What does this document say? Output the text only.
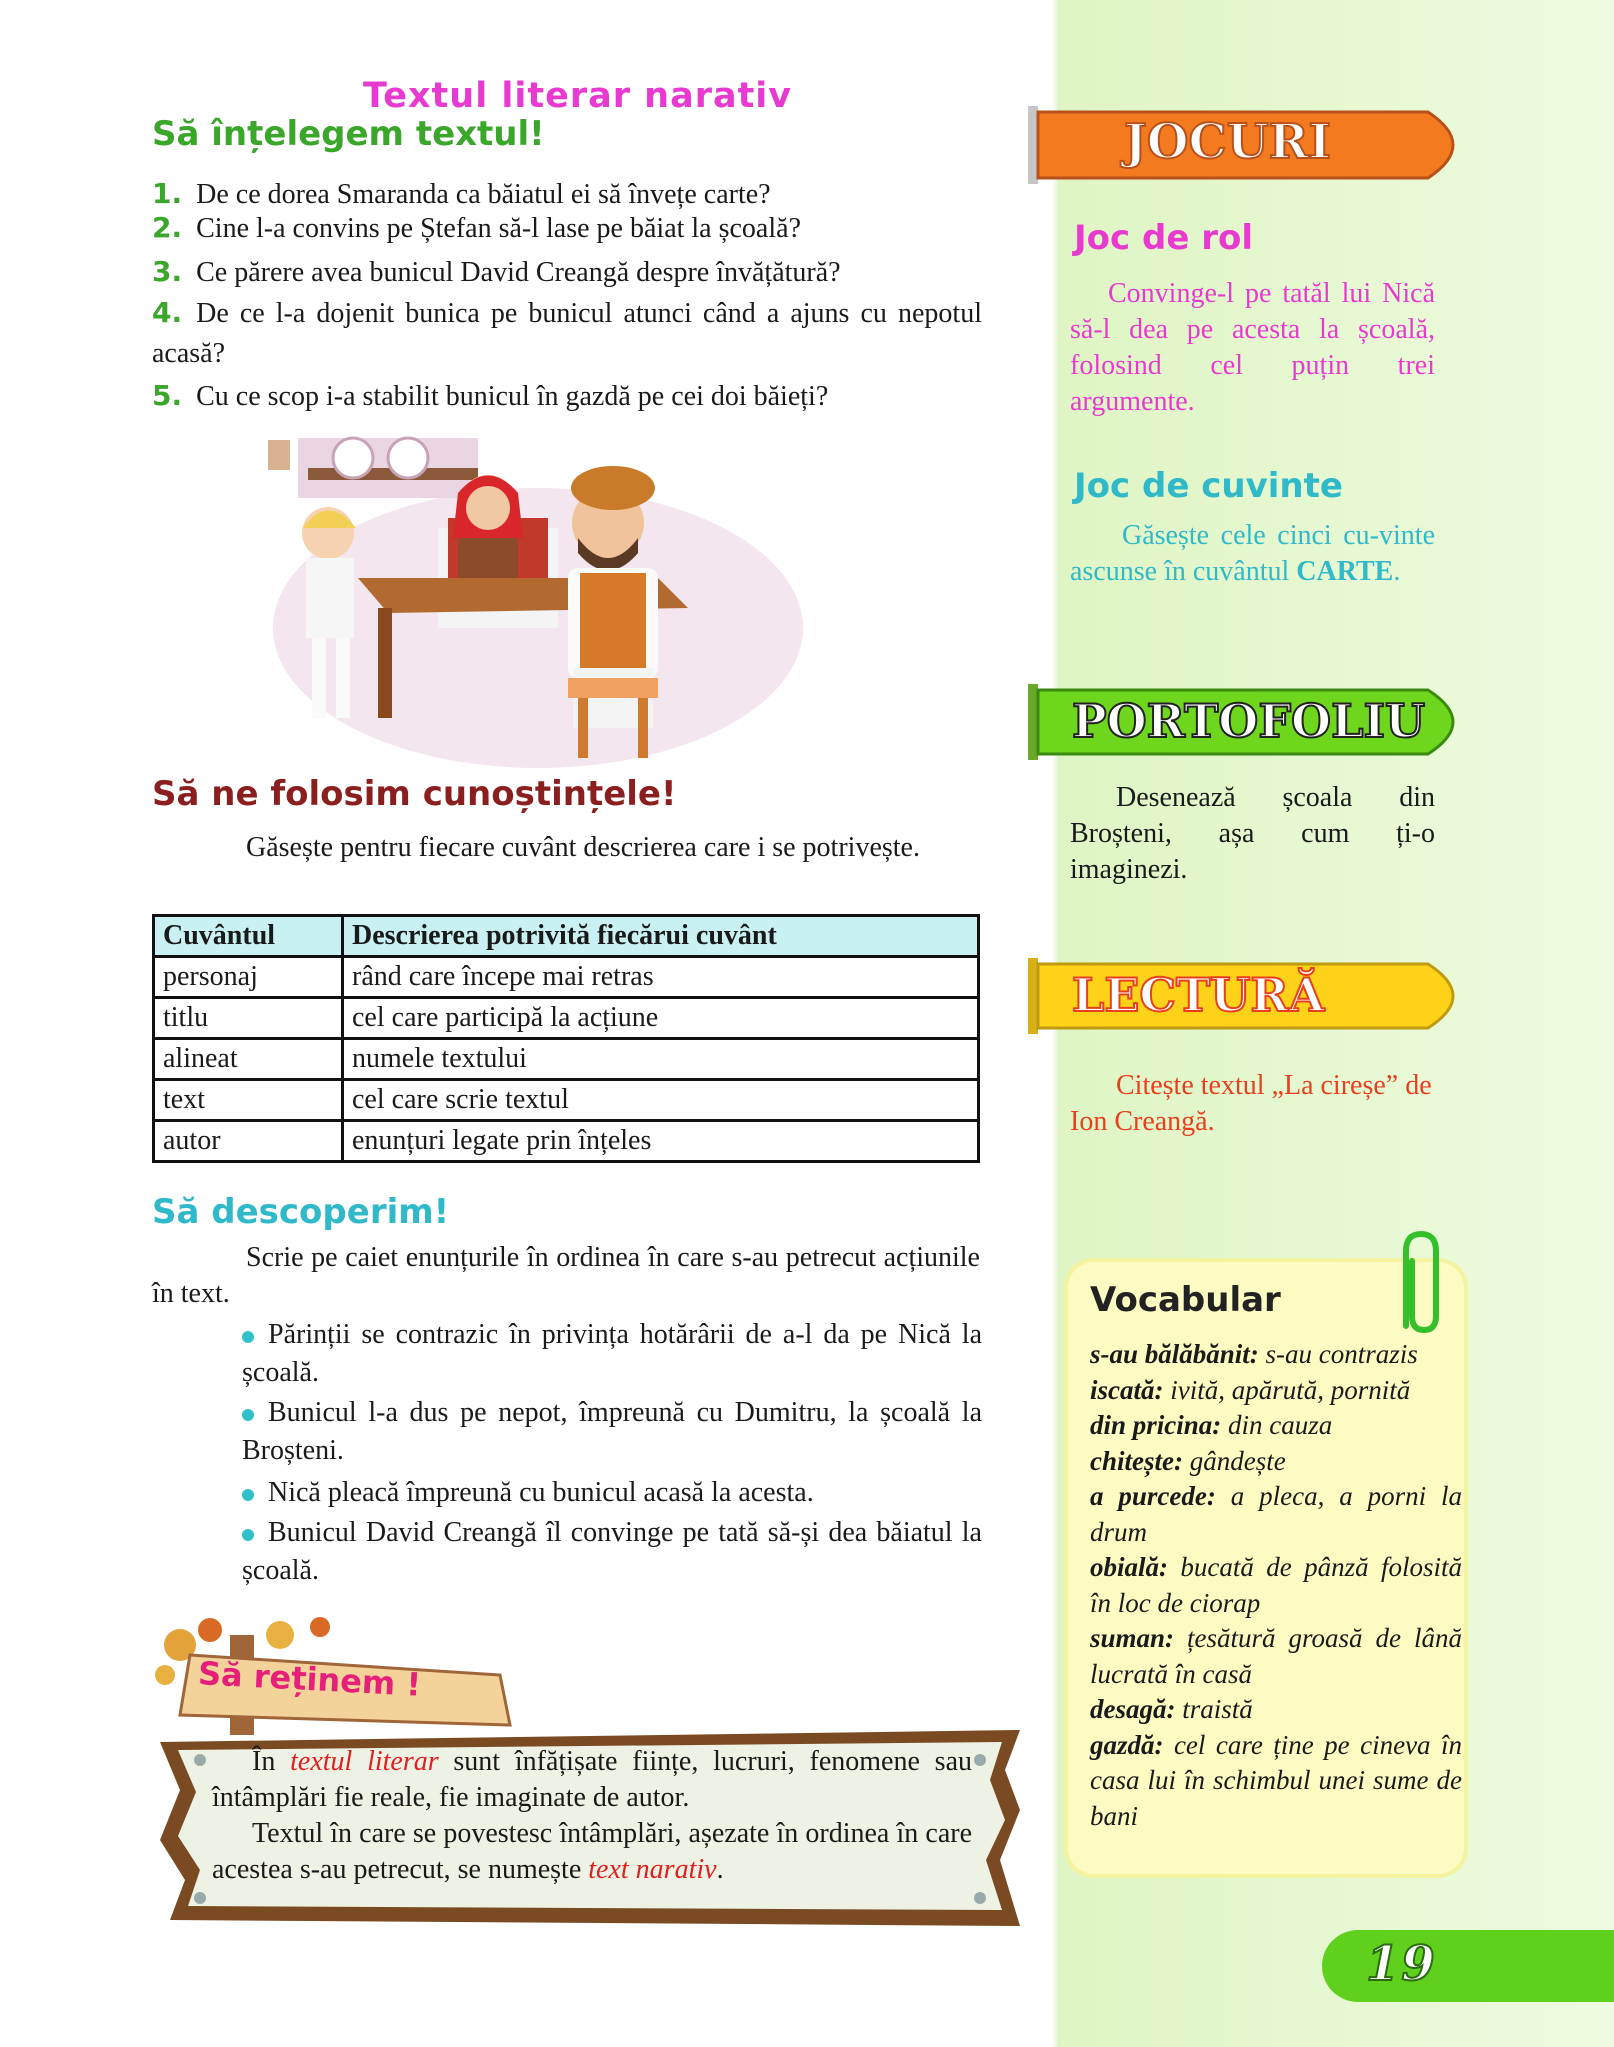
Textul literar narativ
Să înțelegem textul!
1. De ce dorea Smaranda ca băiatul ei să învețe carte?
2. Cine l-a convins pe Ștefan să-l lase pe băiat la școală?
3. Ce părere avea bunicul David Creangă despre învățătură?
4. De ce l-a dojenit bunica pe bunicul atunci când a ajuns cu nepotul acasă?
5. Cu ce scop i-a stabilit bunicul în gazdă pe cei doi băieți?
Să ne folosim cunoștințele!
Găsește pentru fiecare cuvânt descrierea care i se potrivește.
Cuvântul	Descrierea potrivită fiecărui cuvânt
personaj	rând care începe mai retras
titlu	cel care participă la acțiune
alineat	numele textului
text	cel care scrie textul
autor	enunțuri legate prin înțeles
Să descoperim!
Scrie pe caiet enunțurile în ordinea în care s-au petrecut acțiunile în text.
Părinții se contrazic în privința hotărârii de a-l da pe Nică la școală.
Bunicul l-a dus pe nepot, împreună cu Dumitru, la școală la Broșteni.
Nică pleacă împreună cu bunicul acasă la acesta.
Bunicul David Creangă îl convinge pe tată să-și dea băiatul la școală.
Să reținem !
În textul literar sunt înfățișate ființe, lucruri, fenomene sau întâmplări fie reale, fie imaginate de autor.
Textul în care se povestesc întâmplări, așezate în ordinea în care acestea s-au petrecut, se numește text narativ.
JOCURI
Joc de rol
Convinge-l pe tatăl lui Nică să-l dea pe acesta la școală, folosind cel puțin trei argumente.
Joc de cuvinte
Găsește cele cinci cu-vinte ascunse în cuvântul CARTE.
PORTOFOLIU
Desenează școala din Broșteni, așa cum ți-o imaginezi.
LECTURĂ
Citește textul „La cireșe” de Ion Creangă.
Vocabular
s-au bălăbănit: s-au contrazis
iscată: ivită, apărută, pornită
din pricina: din cauza
chitește: gândește
a purcede: a pleca, a porni la drum
obială: bucată de pânză folosită în loc de ciorap
suman: țesătură groasă de lână lucrată în casă
desagă: traistă
gazdă: cel care ține pe cineva în casa lui în schimbul unei sume de bani
19
